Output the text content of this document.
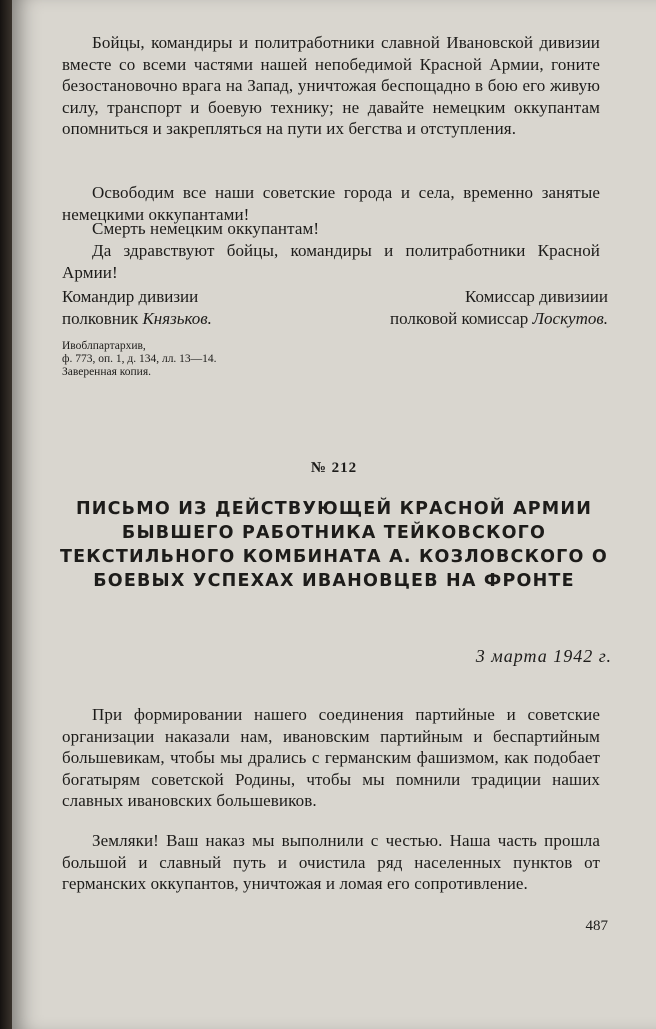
Бойцы, командиры и политработники славной Ивановской дивизии вместе со всеми частями нашей непобедимой Красной Армии, гоните безостановочно врага на Запад, уничтожая беспощадно в бою его живую силу, транспорт и боевую технику; не давайте немецким оккупантам опомниться и закрепляться на пути их бегства и отступления.

Освободим все наши советские города и села, временно занятые немецкими оккупантами!

Смерть немецким оккупантам!

Да здравствуют бойцы, командиры и политработники Красной Армии!

Командир дивизии
полковник Князьков.
Комиссар дивизиии
полковой комиссар Лоскутов.
Ивоблпартархив,
ф. 773, оп. 1, д. 134, лл. 13—14.
Заверенная копия.
№ 212
ПИСЬМО ИЗ ДЕЙСТВУЮЩЕЙ КРАСНОЙ АРМИИ БЫВШЕГО РАБОТНИКА ТЕЙКОВСКОГО ТЕКСТИЛЬНОГО КОМБИНАТА А. КОЗЛОВСКОГО О БОЕВЫХ УСПЕХАХ ИВАНОВЦЕВ НА ФРОНТЕ
3 марта 1942 г.

При формировании нашего соединения партийные и советские организации наказали нам, ивановским партийным и беспартийным большевикам, чтобы мы дрались с германским фашизмом, как подобает богатырям советской Родины, чтобы мы помнили традиции наших славных ивановских большевиков.

Земляки! Ваш наказ мы выполнили с честью. Наша часть прошла большой и славный путь и очистила ряд населенных пунктов от германских оккупантов, уничтожая и ломая его сопротивление.

487
